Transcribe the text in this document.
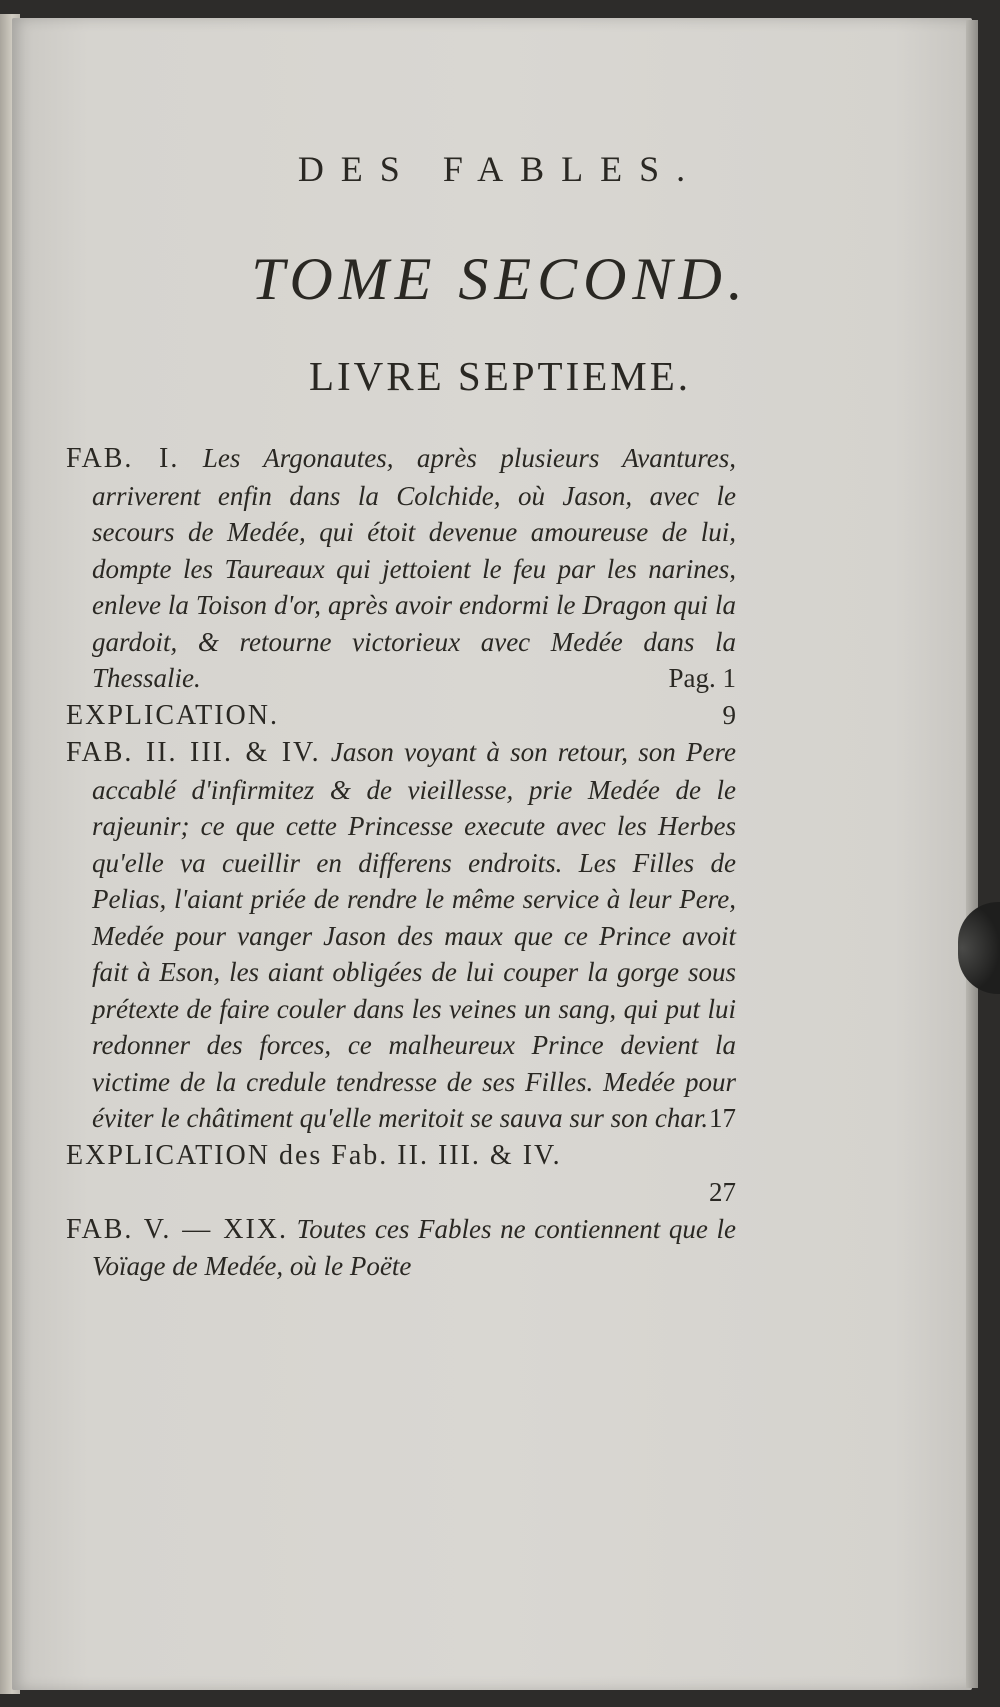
DES FABLES.
TOME SECOND.
LIVRE SEPTIEME.
FAB. I. Les Argonautes, après plusieurs Avantures, arriverent enfin dans la Colchide, où Jason, avec le secours de Medée, qui étoit devenue amoureuse de lui, dompte les Taureaux qui jettoient le feu par les narines, enleve la Toison d'or, après avoir endormi le Dragon qui la gardoit, & retourne victorieux avec Medée dans la Thessalie.	Pag. 1
EXPLICATION.	9
FAB. II. III. & IV. Jason voyant à son retour, son Pere accablé d'infirmitez & de vieillesse, prie Medée de le rajeunir; ce que cette Princesse execute avec les Herbes qu'elle va cueillir en differens endroits. Les Filles de Pelias, l'aiant priée de rendre le même service à leur Pere, Medée pour vanger Jason des maux que ce Prince avoit fait à Eson, les aiant obligées de lui couper la gorge sous prétexte de faire couler dans les veines un sang, qui put lui redonner des forces, ce malheureux Prince devient la victime de la credule tendresse de ses Filles. Medée pour éviter le châtiment qu'elle meritoit se sauva sur son char. 17
EXPLICATION des Fab. II. III. & IV.
27
FAB. V. — XIX. Toutes ces Fables ne contiennent que le Voïage de Medée, où le Poëte
